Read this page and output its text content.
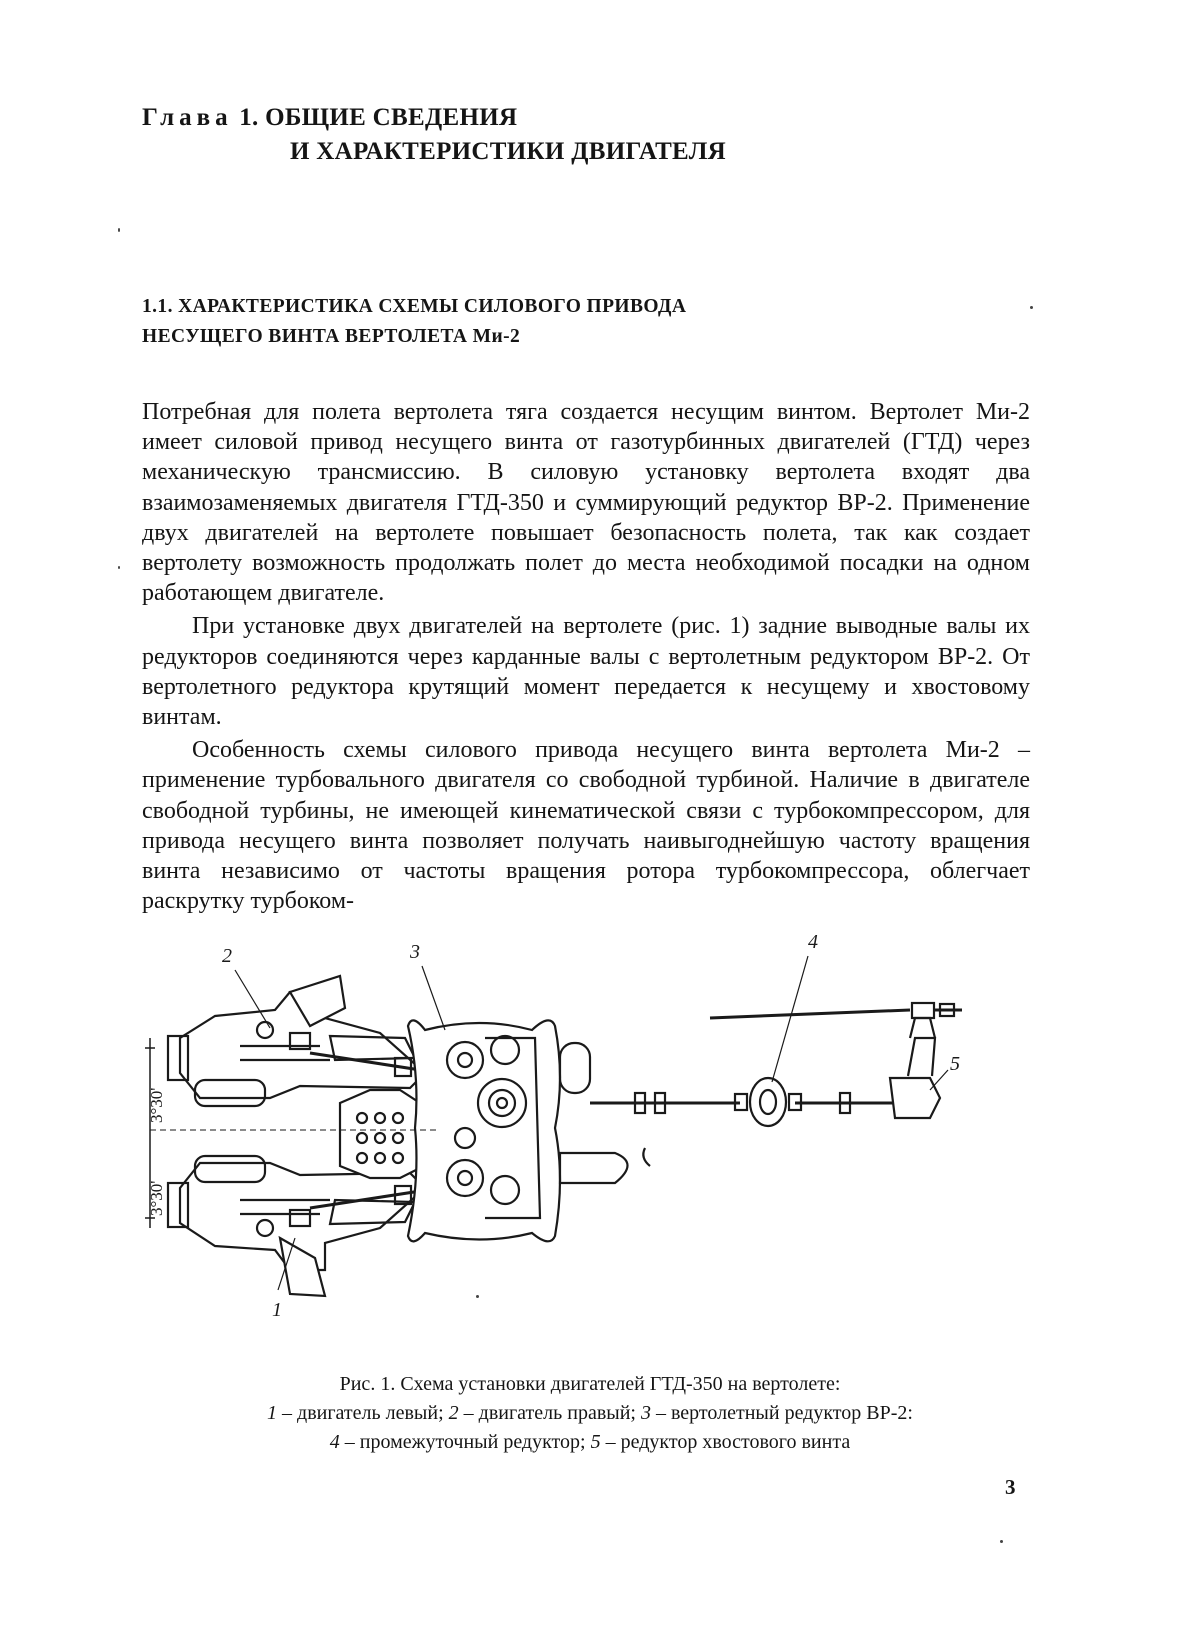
Глава 1. ОБЩИЕ СВЕДЕНИЯ
И ХАРАКТЕРИСТИКИ ДВИГАТЕЛЯ
1.1. ХАРАКТЕРИСТИКА СХЕМЫ СИЛОВОГО ПРИВОДА
НЕСУЩЕГО ВИНТА ВЕРТОЛЕТА Ми-2

Потребная для полета вертолета тяга создается несущим винтом. Вертолет Ми-2 имеет силовой привод несущего винта от газотурбинных двигателей (ГТД) через механическую трансмиссию. В силовую установку вертолета входят два взаимозаменяемых двигателя ГТД-350 и суммирующий редуктор ВР-2. Применение двух двигателей на вертолете повышает безопасность полета, так как создает вертолету возможность продолжать полет до места необходимой посадки на одном работающем двигателе.

При установке двух двигателей на вертолете (рис. 1) задние выводные валы их редукторов соединяются через карданные валы с вертолетным редуктором ВР-2. От вертолетного редуктора крутящий момент передается к несущему и хвостовому винтам.

Особенность схемы силового привода несущего винта вертолета Ми-2 – применение турбовального двигателя со свободной турбиной. Наличие в двигателе свободной турбины, не имеющей кинематической связи с турбокомпрессором, для привода несущего винта позволяет получать наивыгоднейшую частоту вращения винта независимо от частоты вращения ротора турбокомпрессора, облегчает раскрутку турбоком-

3°30'
3°30'
2	3	4
5
1
Рис. 1. Схема установки двигателей ГТД-350 на вертолете:
1 – двигатель левый; 2 – двигатель правый; 3 – вертолетный редуктор ВР-2:
4 – промежуточный редуктор; 5 – редуктор хвостового винта
3
